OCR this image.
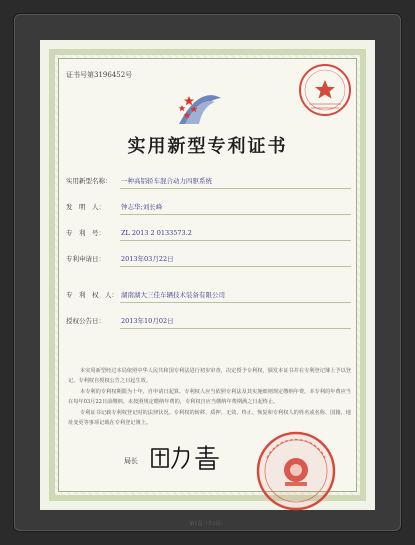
证书号第3196452号
实用新型专利证书
实用新型名称： 一种高铝轿车混合动力四驱系统
发　明　人： 钟志华;刘长峰
专　利　号： ZL 2013 2 0133573.2
专利申请日： 2013年03月22日
专　利　权　人： 湖南湖大三佳车辆技术装备有限公司
授权公告日： 2013年10月02日

本实用新型经过本局依照中华人民共和国专利法进行初步审查，决定授予专利权，颁发本证书并在专利登记簿上予以登记。专利权自授权公告之日起生效。

本专利的专利权期限为十年，自申请日起算。专利权人应当依照专利法及其实施细则规定缴纳年费。本专利的年费应当在每年03月22日前缴纳。未按照规定缴纳年费的，专利权自应当缴纳年费期满之日起终止。

专利证书记载专利权登记时的法律状况。专利权的转移、质押、无效、终止、恢复和专利权人的姓名或名称、国籍、地址变更等事项记载在专利登记簿上。

局长
第1页（共1页）
